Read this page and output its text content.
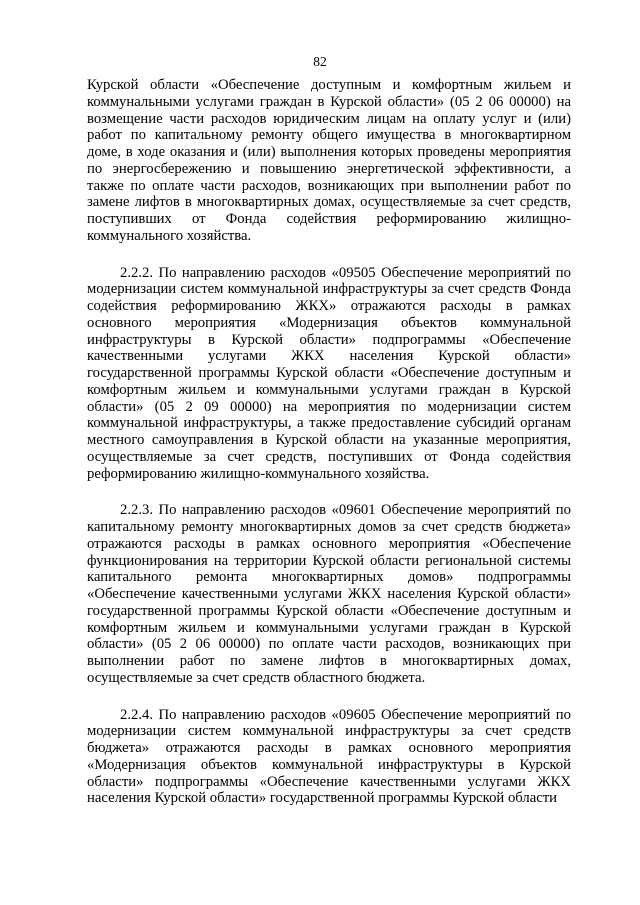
82

Курской области «Обеспечение доступным и комфортным жильем и коммунальными услугами граждан в Курской области» (05 2 06 00000) на возмещение части расходов юридическим лицам на оплату услуг и (или) работ по капитальному ремонту общего имущества в многоквартирном доме, в ходе оказания и (или) выполнения которых проведены мероприятия по энергосбережению и повышению энергетической эффективности, а также по оплате части расходов, возникающих при выполнении работ по замене лифтов в многоквартирных домах, осуществляемые за счет средств, поступивших от Фонда содействия реформированию жилищно-коммунального хозяйства.

2.2.2. По направлению расходов «09505 Обеспечение мероприятий по модернизации систем коммунальной инфраструктуры за счет средств Фонда содействия реформированию ЖКХ» отражаются расходы в рамках основного мероприятия «Модернизация объектов коммунальной инфраструктуры в Курской области» подпрограммы «Обеспечение качественными услугами ЖКХ населения Курской области» государственной программы Курской области «Обеспечение доступным и комфортным жильем и коммунальными услугами граждан в Курской области» (05 2 09 00000) на мероприятия по модернизации систем коммунальной инфраструктуры, а также предоставление субсидий органам местного самоуправления в Курской области на указанные мероприятия, осуществляемые за счет средств, поступивших от Фонда содействия реформированию жилищно-коммунального хозяйства.

2.2.3. По направлению расходов «09601 Обеспечение мероприятий по капитальному ремонту многоквартирных домов за счет средств бюджета» отражаются расходы в рамках основного мероприятия «Обеспечение функционирования на территории Курской области региональной системы капитального ремонта многоквартирных домов» подпрограммы «Обеспечение качественными услугами ЖКХ населения Курской области» государственной программы Курской области «Обеспечение доступным и комфортным жильем и коммунальными услугами граждан в Курской области» (05 2 06 00000) по оплате части расходов, возникающих при выполнении работ по замене лифтов в многоквартирных домах, осуществляемые за счет средств областного бюджета.

2.2.4. По направлению расходов «09605 Обеспечение мероприятий по модернизации систем коммунальной инфраструктуры за счет средств бюджета» отражаются расходы в рамках основного мероприятия «Модернизация объектов коммунальной инфраструктуры в Курской области» подпрограммы «Обеспечение качественными услугами ЖКХ населения Курской области» государственной программы Курской области
